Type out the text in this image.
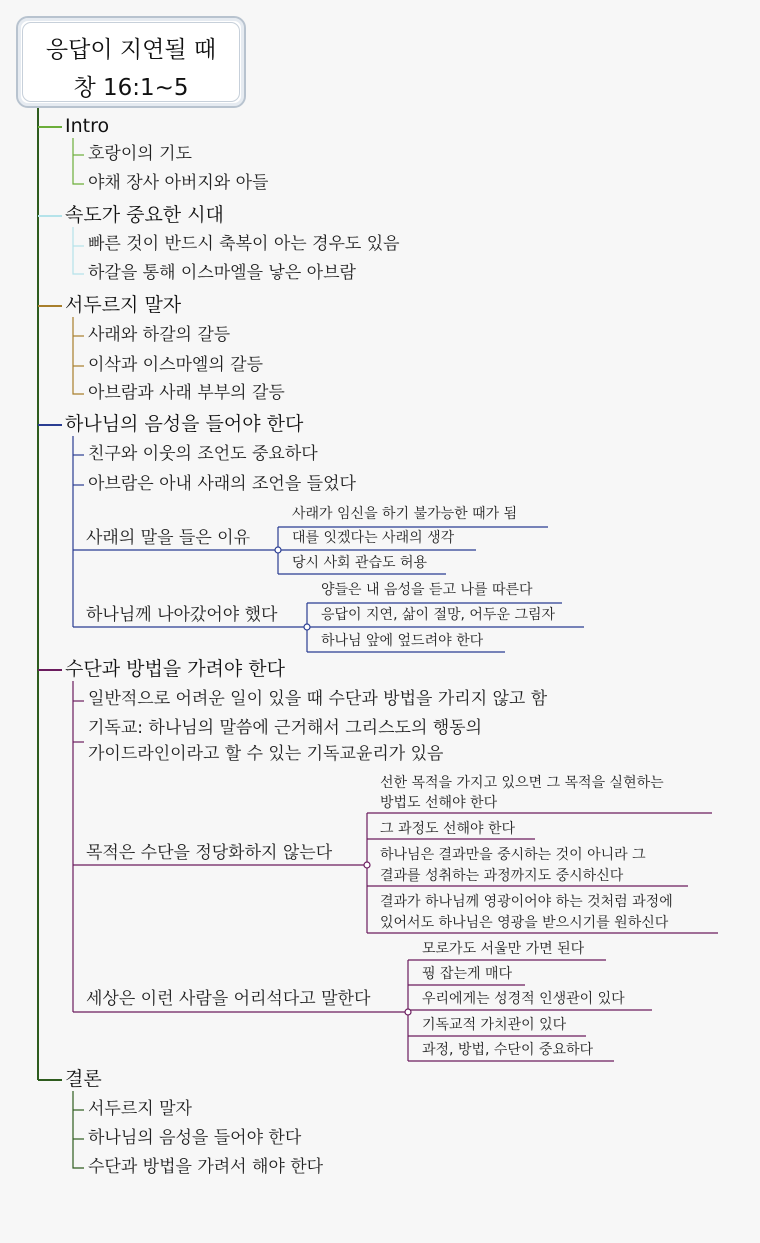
응답이 지연될 때
창 16:1~5
Intro
호랑이의 기도
야채 장사 아버지와 아들
속도가 중요한 시대
빠른 것이 반드시 축복이 아는 경우도 있음
하갈을 통해 이스마엘을 낳은 아브람
서두르지 말자
사래와 하갈의 갈등
이삭과 이스마엘의 갈등
아브람과 사래 부부의 갈등
하나님의 음성을 들어야 한다
친구와 이웃의 조언도 중요하다
아브람은 아내 사래의 조언을 들었다
사래의 말을 들은 이유
사래가 임신을 하기 불가능한 때가 됨
대를 잇겠다는 사래의 생각
당시 사회 관습도 허용
하나님께 나아갔어야 했다
양들은 내 음성을 듣고 나를 따른다
응답이 지연, 삶이 절망, 어두운 그림자
하나님 앞에 엎드려야 한다
수단과 방법을 가려야 한다
일반적으로 어려운 일이 있을 때 수단과 방법을 가리지 않고 함
기독교: 하나님의 말씀에 근거해서 그리스도의 행동의
가이드라인이라고 할 수 있는 기독교윤리가 있음
목적은 수단을 정당화하지 않는다
선한 목적을 가지고 있으면 그 목적을 실현하는
방법도 선해야 한다
그 과정도 선해야 한다
하나님은 결과만을 중시하는 것이 아니라 그
결과를 성취하는 과정까지도 중시하신다
결과가 하나님께 영광이어야 하는 것처럼 과정에
있어서도 하나님은 영광을 받으시기를 원하신다
세상은 이런 사람을 어리석다고 말한다
모로가도 서울만 가면 된다
꿩 잡는게 매다
우리에게는 성경적 인생관이 있다
기독교적 가치관이 있다
과정, 방법, 수단이 중요하다
결론
서두르지 말자
하나님의 음성을 들어야 한다
수단과 방법을 가려서 해야 한다
